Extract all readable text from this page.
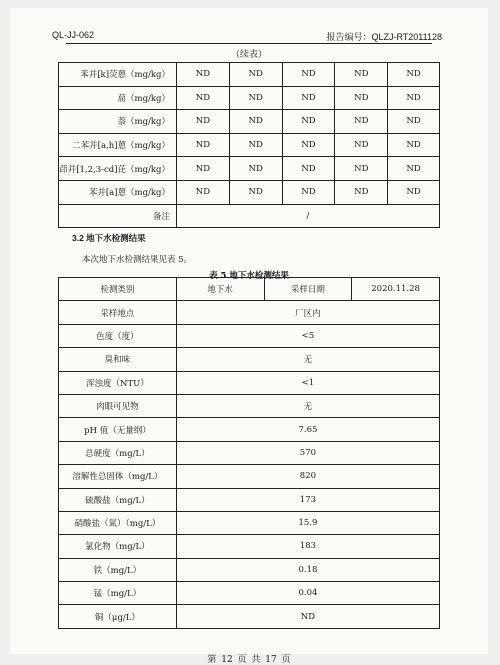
QL-JJ-062	报告编号：QLZJ-RT2011128
（续表）
苯并[k]荧蒽（mg/kg）	ND	ND	ND	ND	ND
䓛（mg/kg）	ND	ND	ND	ND	ND
萘（mg/kg）	ND	ND	ND	ND	ND
二苯并[a,h]蒽（mg/kg）	ND	ND	ND	ND	ND
茚并[1,2,3-cd]芘（mg/kg）	ND	ND	ND	ND	ND
苯并[a]蒽（mg/kg）	ND	ND	ND	ND	ND
备注	/				
3.2 地下水检测结果
本次地下水检测结果见表 5。
表 5 地下水检测结果
检测类别	地下水	采样日期	2020.11.28
采样地点	厂区内		
色度（度）	<5		
臭和味	无		
浑浊度（NTU）	<1		
肉眼可见物	无		
pH 值（无量纲）	7.65		
总硬度（mg/L）	570		
溶解性总固体（mg/L）	820		
硫酸盐（mg/L）	173		
硝酸盐（氮）（mg/L）	15.9		
氯化物（mg/L）	183		
铁（mg/L）	0.18		
锰（mg/L）	0.04		
铜（μg/L）	ND		
第 12 页 共 17 页
